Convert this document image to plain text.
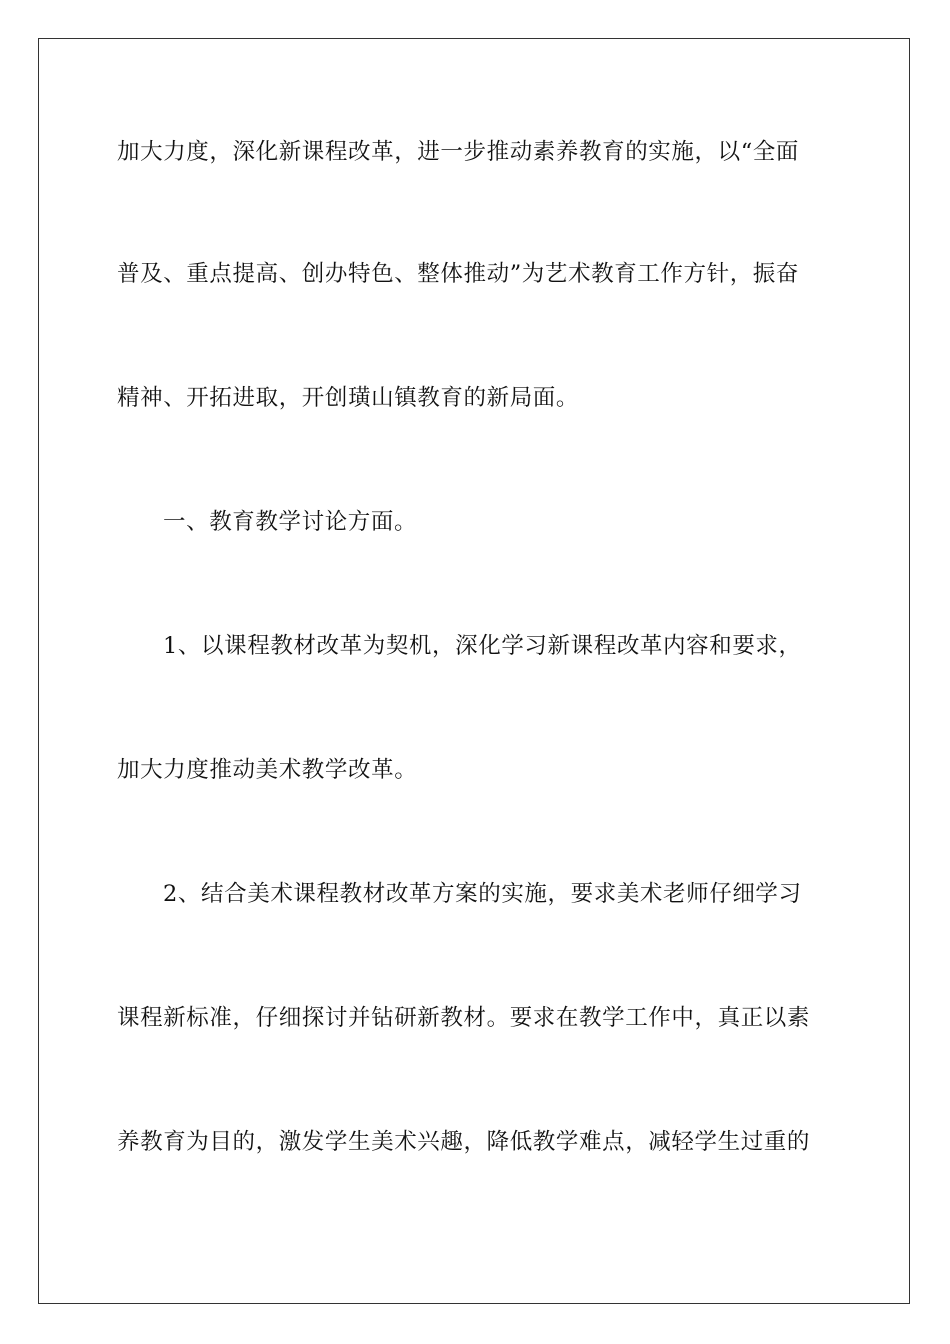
加大力度，深化新课程改革，进一步推动素养教育的实施，以“全面
普及、重点提高、创办特色、整体推动”为艺术教育工作方针，振奋
精神、开拓进取，开创璜山镇教育的新局面。
一、教育教学讨论方面。
1、以课程教材改革为契机，深化学习新课程改革内容和要求，
加大力度推动美术教学改革。
2、结合美术课程教材改革方案的实施，要求美术老师仔细学习
课程新标准，仔细探讨并钻研新教材。要求在教学工作中，真正以素
养教育为目的，激发学生美术兴趣，降低教学难点，减轻学生过重的
